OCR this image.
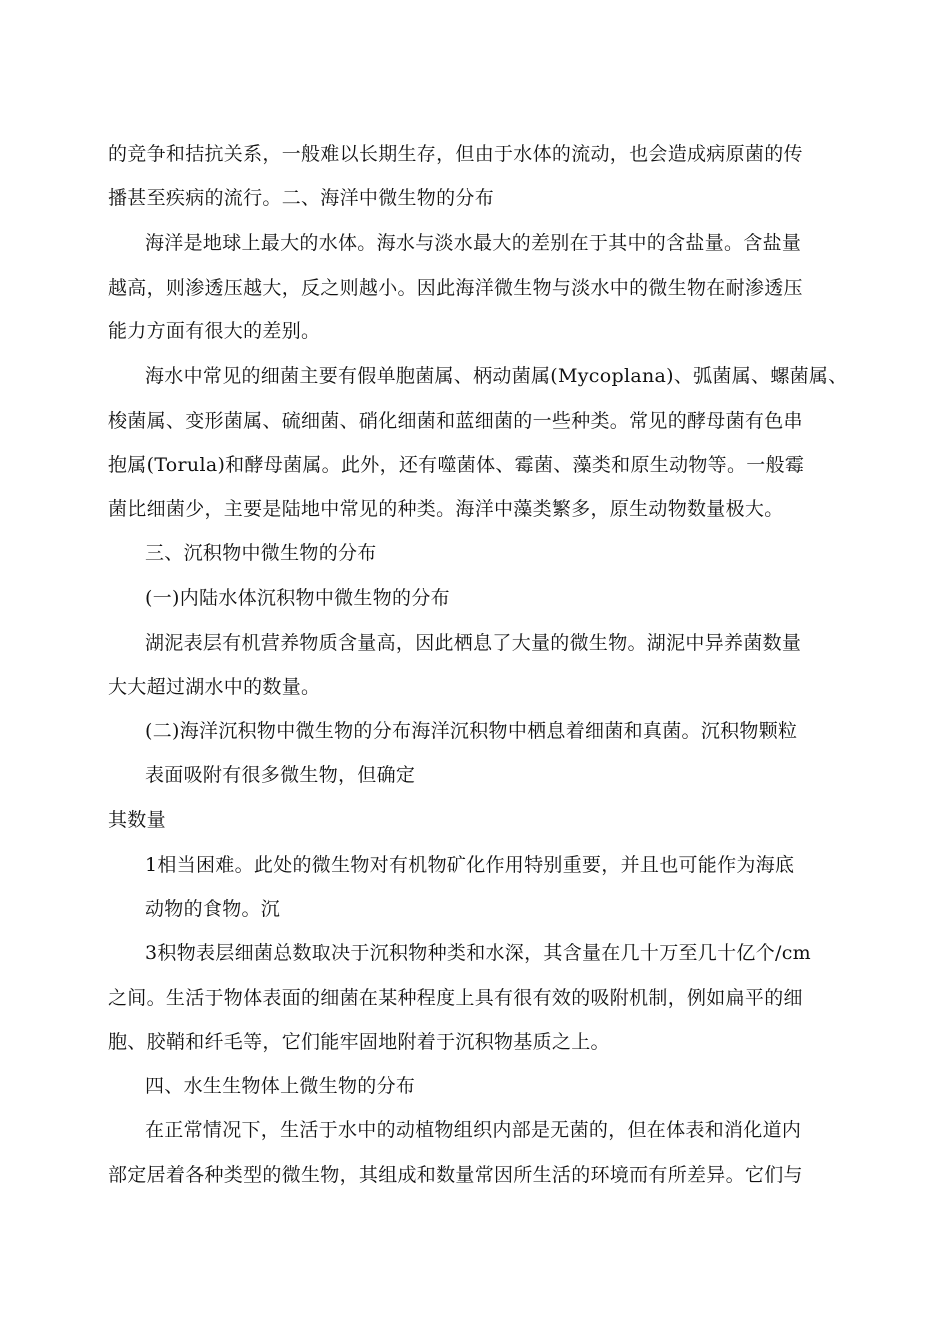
的竞争和拮抗关系，一般难以长期生存，但由于水体的流动，也会造成病原菌的传
播甚至疾病的流行。二、海洋中微生物的分布
海洋是地球上最大的水体。海水与淡水最大的差别在于其中的含盐量。含盐量
越高，则渗透压越大，反之则越小。因此海洋微生物与淡水中的微生物在耐渗透压
能力方面有很大的差别。
海水中常见的细菌主要有假单胞菌属、柄动菌属(Mycoplana)、弧菌属、螺菌属、
梭菌属、变形菌属、硫细菌、硝化细菌和蓝细菌的一些种类。常见的酵母菌有色串
抱属(Torula)和酵母菌属。此外，还有噬菌体、霉菌、藻类和原生动物等。一般霉
菌比细菌少，主要是陆地中常见的种类。海洋中藻类繁多，原生动物数量极大。
三、沉积物中微生物的分布
(一)内陆水体沉积物中微生物的分布
湖泥表层有机营养物质含量高，因此栖息了大量的微生物。湖泥中异养菌数量
大大超过湖水中的数量。
(二)海洋沉积物中微生物的分布海洋沉积物中栖息着细菌和真菌。沉积物颗粒
表面吸附有很多微生物，但确定
其数量
1相当困难。此处的微生物对有机物矿化作用特别重要，并且也可能作为海底
动物的食物。沉
3积物表层细菌总数取决于沉积物种类和水深，其含量在几十万至几十亿个/cm
之间。生活于物体表面的细菌在某种程度上具有很有效的吸附机制，例如扁平的细
胞、胶鞘和纤毛等，它们能牢固地附着于沉积物基质之上。
四、水生生物体上微生物的分布
在正常情况下，生活于水中的动植物组织内部是无菌的，但在体表和消化道内
部定居着各种类型的微生物，其组成和数量常因所生活的环境而有所差异。它们与
